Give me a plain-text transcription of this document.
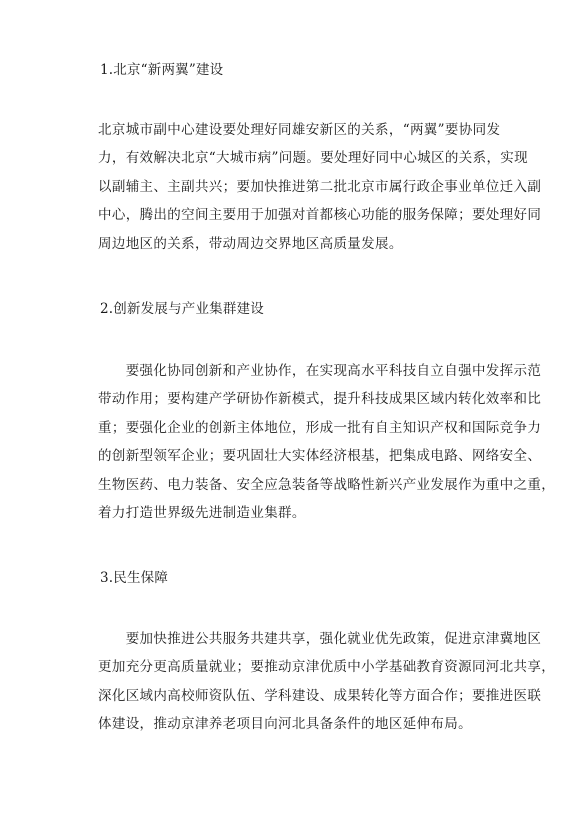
1.北京“新两翼”建设
北京城市副中心建设要处理好同雄安新区的关系，“两翼”要协同发
力，有效解决北京“大城市病”问题。要处理好同中心城区的关系，实现
以副辅主、主副共兴；要加快推进第二批北京市属行政企事业单位迁入副
中心，腾出的空间主要用于加强对首都核心功能的服务保障；要处理好同
周边地区的关系，带动周边交界地区高质量发展。
2.创新发展与产业集群建设
　　要强化协同创新和产业协作，在实现高水平科技自立自强中发挥示范
带动作用；要构建产学研协作新模式，提升科技成果区域内转化效率和比
重；要强化企业的创新主体地位，形成一批有自主知识产权和国际竞争力
的创新型领军企业；要巩固壮大实体经济根基，把集成电路、网络安全、
生物医药、电力装备、安全应急装备等战略性新兴产业发展作为重中之重，
着力打造世界级先进制造业集群。
3.民生保障
　　要加快推进公共服务共建共享，强化就业优先政策，促进京津冀地区
更加充分更高质量就业；要推动京津优质中小学基础教育资源同河北共享，
深化区域内高校师资队伍、学科建设、成果转化等方面合作；要推进医联
体建设，推动京津养老项目向河北具备条件的地区延伸布局。
